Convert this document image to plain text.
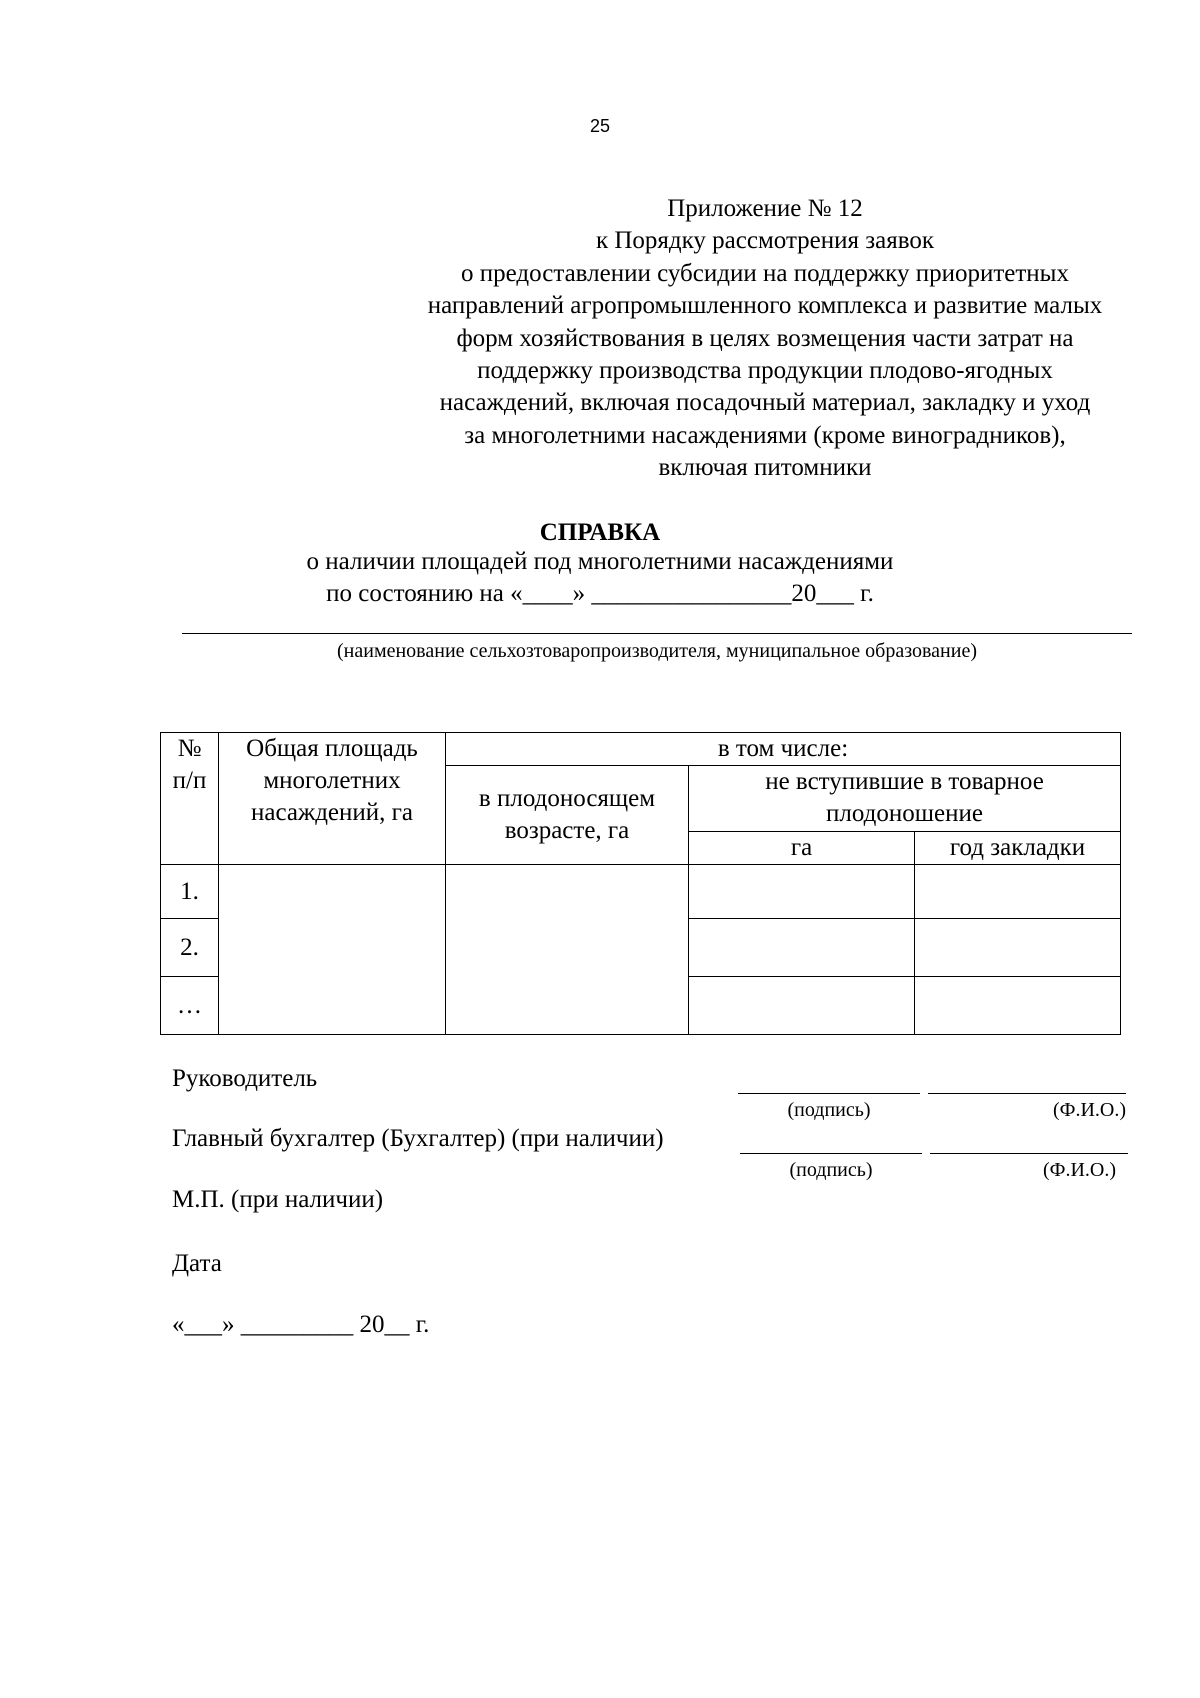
25
Приложение № 12
к Порядку рассмотрения заявок
о предоставлении субсидии на поддержку приоритетных
направлений агропромышленного комплекса и развитие малых
форм хозяйствования в целях возмещения части затрат на
поддержку производства продукции плодово-ягодных
насаждений, включая посадочный материал, закладку и уход
за многолетними насаждениями (кроме виноградников),
включая питомники
СПРАВКА
о наличии площадей под многолетними насаждениями
по состоянию на «____» ________________20___ г.
(наименование сельхозтоваропроизводителя, муниципальное образование)
№
п/п	Общая площадь многолетних насаждений, га	в том числе:		
		в плодоносящем возрасте, га	не вступившие в товарное плодоношение	
			га	год закладки
1.				
2.				
…				
Руководитель
(подпись)	(Ф.И.О.)
Главный бухгалтер (Бухгалтер) (при наличии)
(подпись)	(Ф.И.О.)
М.П. (при наличии)
Дата
«___» _________ 20__ г.
